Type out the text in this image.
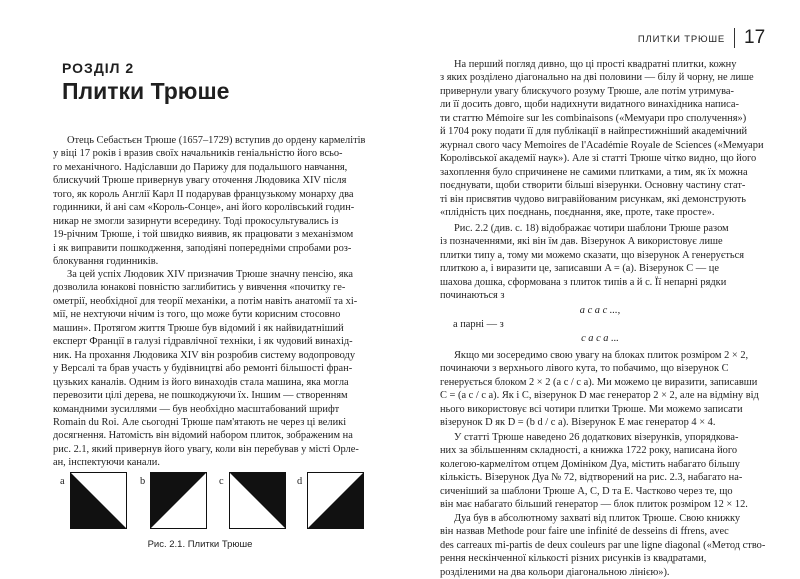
РОЗДІЛ 2
Плитки Трюше
Отець Себастьєн Трюше (1657–1729) вступив до ордену кармелітів
у віці 17 років і вразив своїх начальників геніальністю його всьо-
го механічного. Надіславши до Парижу для подальшого навчання,
блискучий Трюше привернув увагу оточення Людовика XIV після
того, як король Англії Карл II подарував французькому монарху два
годинники, й ані сам «Король-Сонце», ані його королівський годин-
никар не змогли зазирнути всередину. Тоді прокосультувались із
19-річним Трюше, і той швидко виявив, як працювати з механізмом
і як виправити пошкодження, заподіяні попередніми спробами роз-
блокування годинників.
За цей успіх Людовик XIV призначив Трюше значну пенсію, яка
дозволила юнакові повністю заглибитись у вивчення «почитку ге-
ометрії, необхідної для теорії механіки, а потім навіть анатомії та хі-
мії, не нехтуючи нічим із того, що може бути корисним стосовно
машин». Протягом життя Трюше був відомий і як найвидатніший
експерт Франції в галузі гідравлічної техніки, і як чудовий винахід-
ник. На прохання Людовика XIV він розробив систему водопроводу
у Версалі та брав участь у будівництві або ремонті більшості фран-
цузьких каналів. Одним із його винаходів стала машина, яка могла
перевозити цілі дерева, не пошкоджуючи їх. Іншим — створенням
командними зусиллями — був необхідно масштабований шрифт
Romain du Roi. Але сьогодні Трюше пам'ятають не через ці великі
досягнення. Натомість він відомий набором плиток, зображеним на
рис. 2.1, який привернув його увагу, коли він перебував у місті Орле-
ан, інспектуючи канали.
a	b	c	d
Рис. 2.1. Плитки Трюше
ПЛИТКИ ТРЮШЕ 17
На перший погляд дивно, що ці прості квадратні плитки, кожну
з яких розділено діагонально на дві половини — білу й чорну, не лише
привернули увагу блискучого розуму Трюше, але потім утримува-
ли її досить довго, щоби надихнути видатного винахідника написа-
ти статтю Mémoire sur les combinaisons («Мемуари про сполучення»)
й 1704 року подати її для публікації в найпрестижніший академічний
журнал свого часу Memoires de l'Académie Royale de Sciences («Мемуари
Королівської академії наук»). Але зі статті Трюше чітко видно, що його
захоплення було спричинене не самими плитками, а тим, як їх можна
поєднувати, щоби створити більші візерунки. Основну частину стат-
ті він присвятив чудово вигравійованим рисункам, які демонструють
«плідність цих поєднань, поєднання, яке, проте, таке просте».
Рис. 2.2 (див. с. 18) відображає чотири шаблони Трюше разом
із позначеннями, які він їм дав. Візерунок A використовує лише
плитки типу a, тому ми можемо сказати, що візерунок A генерується
плиткою a, і виразити це, записавши A = (a). Візерунок C — це
шахова дошка, сформована з плиток типів a й c. Її непарні рядки
починаються з
a c a c ...,
а парні — з
c a c a ...
Якщо ми зосередимо свою увагу на блоках плиток розміром 2 × 2,
починаючи з верхнього лівого кута, то побачимо, що візерунок C
генерується блоком 2 × 2 (a c / c a). Ми можемо це виразити, записавши
C = (a c / c a). Як і C, візерунок D має генератор 2 × 2, але на відміну від
нього використовує всі чотири плитки Трюше. Ми можемо записати
візерунок D як D = (b d / c a). Візерунок E має генератор 4 × 4.
У статті Трюше наведено 26 додаткових візерунків, упорядкова-
них за збільшенням складності, а книжка 1722 року, написана його
колегою-кармелітом отцем Домініком Дуа, містить набагато більшу
кількість. Візерунок Дуа № 72, відтворений на рис. 2.3, набагато на-
сиченіший за шаблони Трюше A, C, D та E. Частково через те, що
він має набагато більший генератор — блок плиток розміром 12 × 12.
Дуа був в абсолютному захваті від плиток Трюше. Свою книжку
він назвав Methode pour faire une infinité de desseins di ffrens, avec
des carreaux mi-partis de deux couleurs par une ligne diagonal («Метод ство-
рення нескінченної кількості різних рисунків із квадратами,
розділеними на два кольори діагональною лінією»).
